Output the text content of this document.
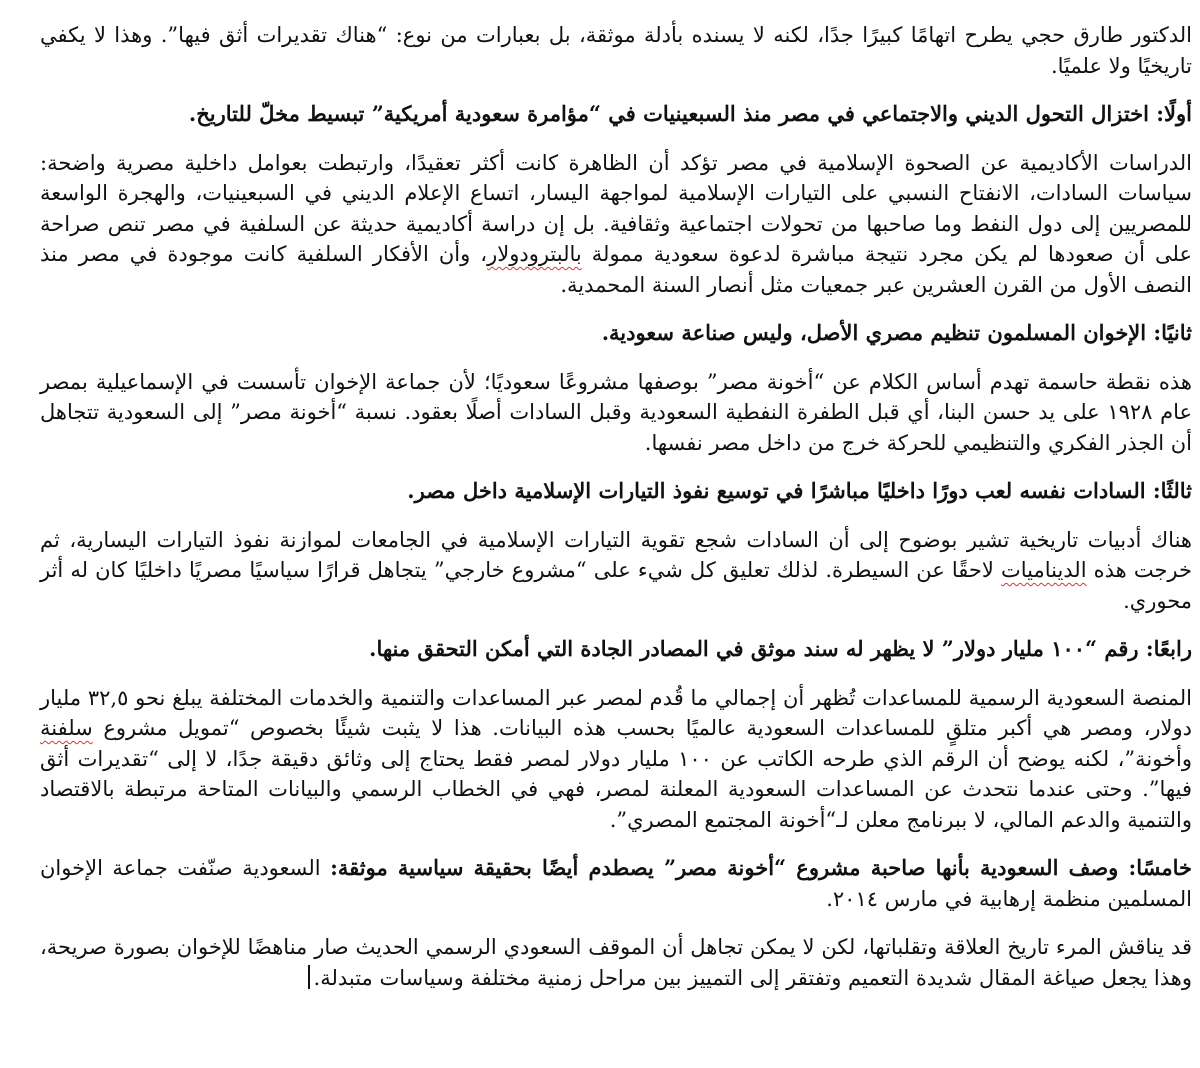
الدكتور طارق حجي يطرح اتهامًا كبيرًا جدًا، لكنه لا يسنده بأدلة موثقة، بل بعبارات من نوع: “هناك تقديرات أثق فيها”. وهذا لا يكفي تاريخيًا ولا علميًا.

أولًا: اختزال التحول الديني والاجتماعي في مصر منذ السبعينيات في “مؤامرة سعودية أمريكية” تبسيط مخلّ للتاريخ.

الدراسات الأكاديمية عن الصحوة الإسلامية في مصر تؤكد أن الظاهرة كانت أكثر تعقيدًا، وارتبطت بعوامل داخلية مصرية واضحة: سياسات السادات، الانفتاح النسبي على التيارات الإسلامية لمواجهة اليسار، اتساع الإعلام الديني في السبعينيات، والهجرة الواسعة للمصريين إلى دول النفط وما صاحبها من تحولات اجتماعية وثقافية. بل إن دراسة أكاديمية حديثة عن السلفية في مصر تنص صراحة على أن صعودها لم يكن مجرد نتيجة مباشرة لدعوة سعودية ممولة بالبترودولار، وأن الأفكار السلفية كانت موجودة في مصر منذ النصف الأول من القرن العشرين عبر جمعيات مثل أنصار السنة المحمدية.

ثانيًا: الإخوان المسلمون تنظيم مصري الأصل، وليس صناعة سعودية.

هذه نقطة حاسمة تهدم أساس الكلام عن “أخونة مصر” بوصفها مشروعًا سعوديًا؛ لأن جماعة الإخوان تأسست في الإسماعيلية بمصر عام ١٩٢٨ على يد حسن البنا، أي قبل الطفرة النفطية السعودية وقبل السادات أصلًا بعقود. نسبة “أخونة مصر” إلى السعودية تتجاهل أن الجذر الفكري والتنظيمي للحركة خرج من داخل مصر نفسها.

ثالثًا: السادات نفسه لعب دورًا داخليًا مباشرًا في توسيع نفوذ التيارات الإسلامية داخل مصر.

هناك أدبيات تاريخية تشير بوضوح إلى أن السادات شجع تقوية التيارات الإسلامية في الجامعات لموازنة نفوذ التيارات اليسارية، ثم خرجت هذه الديناميات لاحقًا عن السيطرة. لذلك تعليق كل شيء على “مشروع خارجي” يتجاهل قرارًا سياسيًا مصريًا داخليًا كان له أثر محوري.

رابعًا: رقم “١٠٠ مليار دولار” لا يظهر له سند موثق في المصادر الجادة التي أمكن التحقق منها.

المنصة السعودية الرسمية للمساعدات تُظهر أن إجمالي ما قُدم لمصر عبر المساعدات والتنمية والخدمات المختلفة يبلغ نحو ٣٢,٥ مليار دولار، ومصر هي أكبر متلقٍ للمساعدات السعودية عالميًا بحسب هذه البيانات. هذا لا يثبت شيئًا بخصوص “تمويل مشروع سلفنة وأخونة”، لكنه يوضح أن الرقم الذي طرحه الكاتب عن ١٠٠ مليار دولار لمصر فقط يحتاج إلى وثائق دقيقة جدًا، لا إلى “تقديرات أثق فيها”. وحتى عندما نتحدث عن المساعدات السعودية المعلنة لمصر، فهي في الخطاب الرسمي والبيانات المتاحة مرتبطة بالاقتصاد والتنمية والدعم المالي، لا ببرنامج معلن لـ“أخونة المجتمع المصري”.

خامسًا: وصف السعودية بأنها صاحبة مشروع “أخونة مصر” يصطدم أيضًا بحقيقة سياسية موثقة: السعودية صنّفت جماعة الإخوان المسلمين منظمة إرهابية في مارس ٢٠١٤.

قد يناقش المرء تاريخ العلاقة وتقلباتها، لكن لا يمكن تجاهل أن الموقف السعودي الرسمي الحديث صار مناهضًا للإخوان بصورة صريحة، وهذا يجعل صياغة المقال شديدة التعميم وتفتقر إلى التمييز بين مراحل زمنية مختلفة وسياسات متبدلة.
